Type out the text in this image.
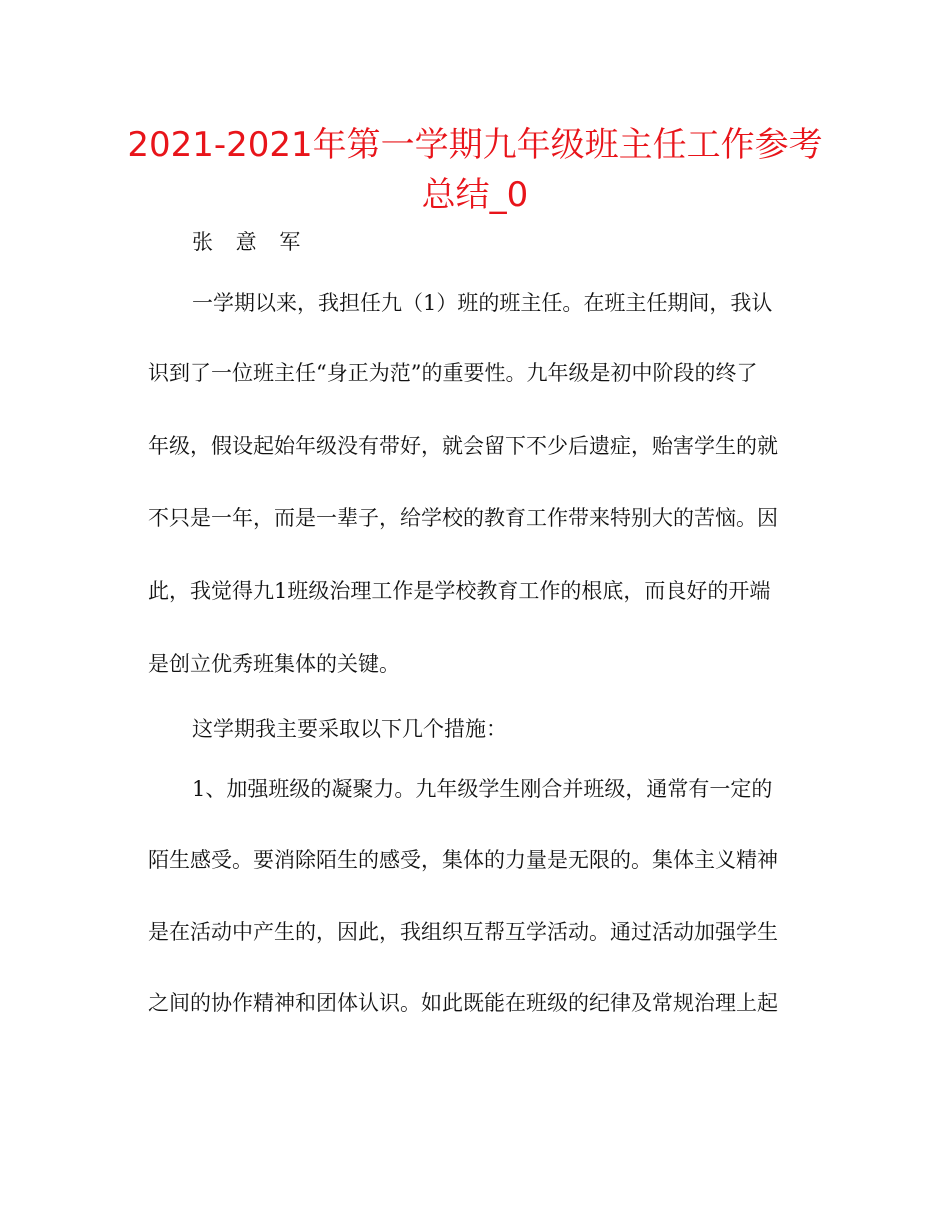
2021-2021年第一学期九年级班主任工作参考
总结_0
张 意 军
一学期以来，我担任九（1）班的班主任。在班主任期间，我认
识到了一位班主任“身正为范”的重要性。九年级是初中阶段的终了
年级，假设起始年级没有带好，就会留下不少后遗症，贻害学生的就
不只是一年，而是一辈子，给学校的教育工作带来特别大的苦恼。因
此，我觉得九1班级治理工作是学校教育工作的根底，而良好的开端
是创立优秀班集体的关键。
这学期我主要采取以下几个措施：
1、加强班级的凝聚力。九年级学生刚合并班级，通常有一定的
陌生感受。要消除陌生的感受，集体的力量是无限的。集体主义精神
是在活动中产生的，因此，我组织互帮互学活动。通过活动加强学生
之间的协作精神和团体认识。如此既能在班级的纪律及常规治理上起
